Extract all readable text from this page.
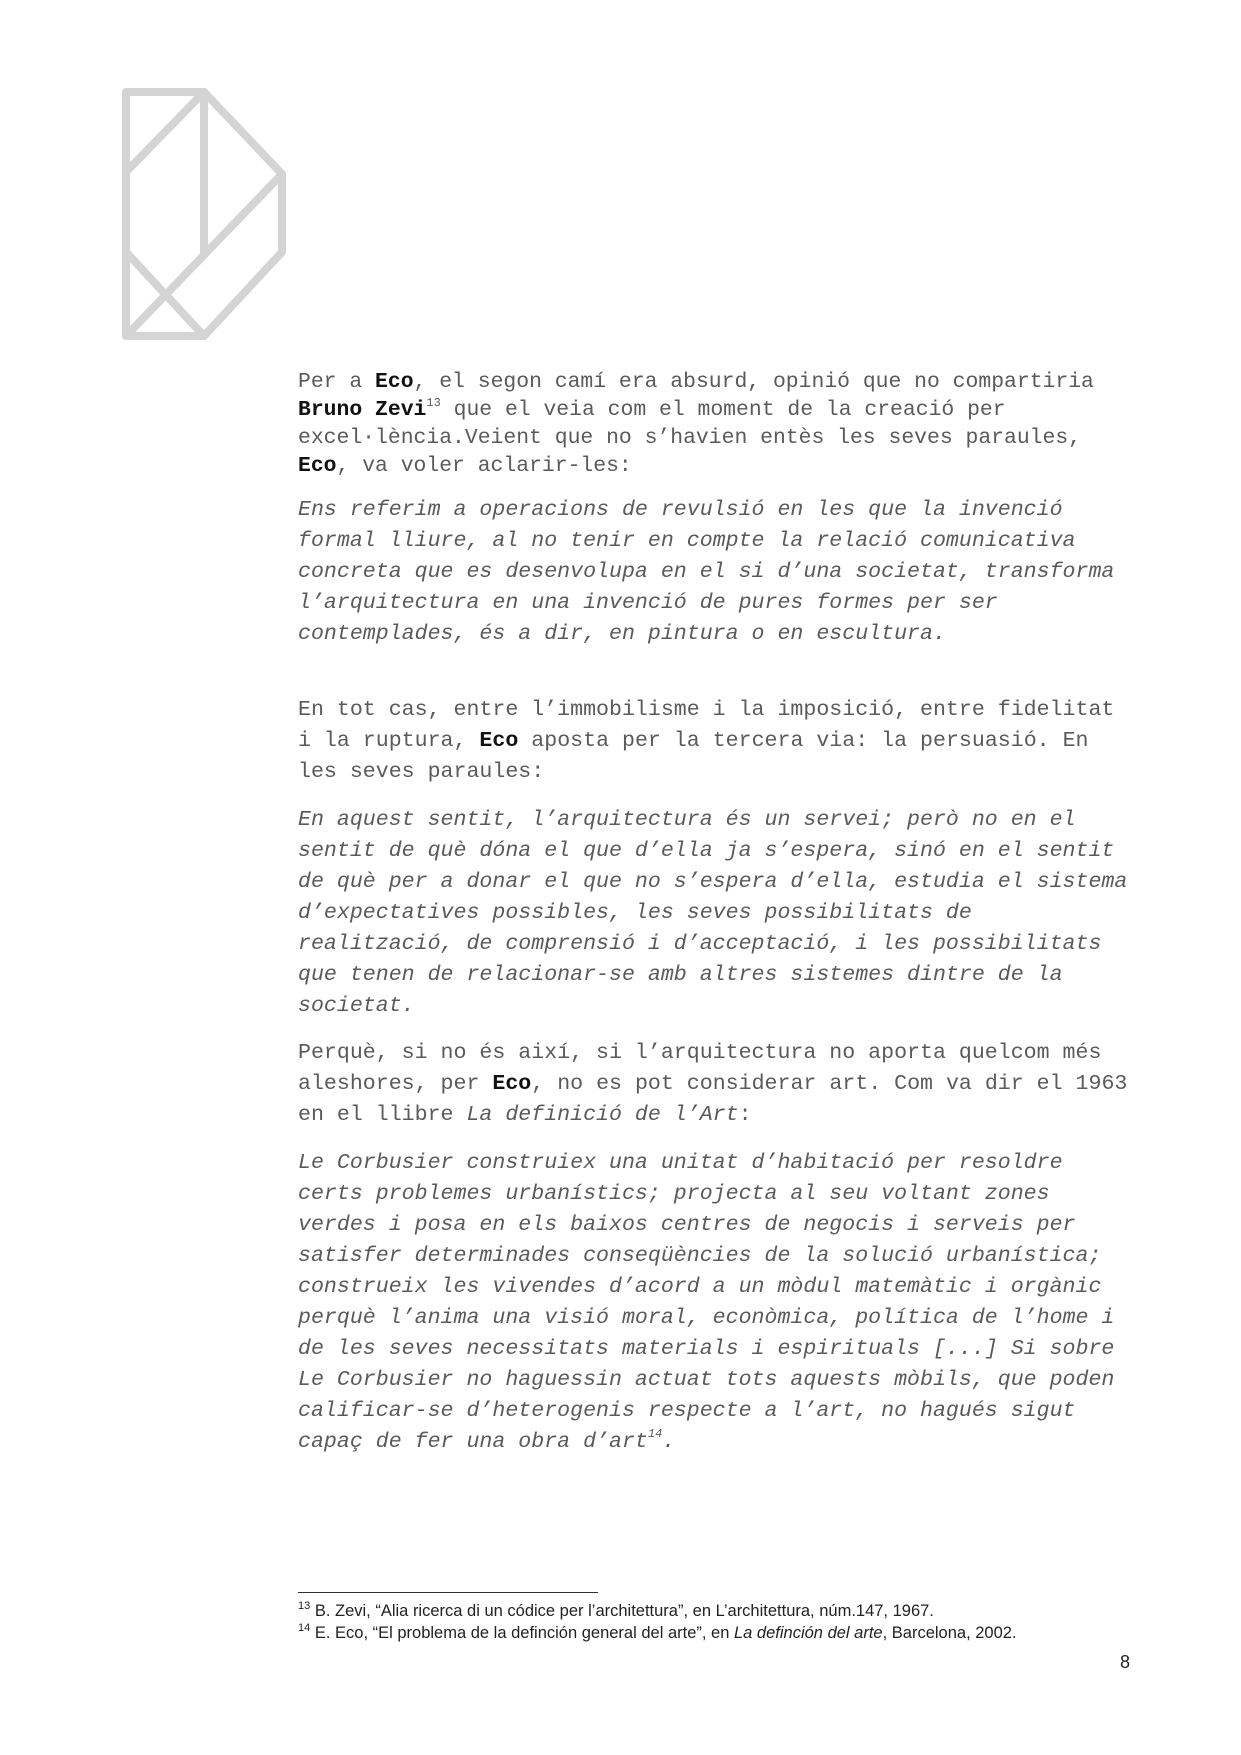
Per a Eco, el segon camí era absurd, opinió que no compartiria Bruno Zevi$^{13}$ que el veia com el moment de la creació per excel·lència.Veient que no s’havien entès les seves paraules, Eco, va voler aclarir-les:

Ens referim a operacions de revulsió en les que la invenció formal lliure, al no tenir en compte la relació comunicativa concreta que es desenvolupa en el si d’una societat, transforma l’arquitectura en una invenció de pures formes per ser contemplades, és a dir, en pintura o en escultura.

En tot cas, entre l’immobilisme i la imposició, entre fidelitat i la ruptura, Eco aposta per la tercera via: la persuasió. En les seves paraules:

En aquest sentit, l’arquitectura és un servei; però no en el sentit de què dóna el que d’ella ja s’espera, sinó en el sentit de què per a donar el que no s’espera d’ella, estudia el sistema d’expectatives possibles, les seves possibilitats de realització, de comprensió i d’acceptació, i les possibilitats que tenen de relacionar-se amb altres sistemes dintre de la societat.

Perquè, si no és així, si l’arquitectura no aporta quelcom més aleshores, per Eco, no es pot considerar art. Com va dir el 1963 en el llibre La definició de l’Art:

Le Corbusier construiex una unitat d’habitació per resoldre certs problemes urbanístics; projecta al seu voltant zones verdes i posa en els baixos centres de negocis i serveis per satisfer determinades conseqüències de la solució urbanística; construeix les vivendes d’acord a un mòdul matemàtic i orgànic perquè l’anima una visió moral, econòmica, política de l’home i de les seves necessitats materials i espirituals [...] Si sobre Le Corbusier no haguessin actuat tots aquests mòbils, que poden calificar-se d’heterogenis respecte a l’art, no hagués sigut capaç de fer una obra d’art$^{14}$.

$^{13}$ B. Zevi, “Alia ricerca di un códice per l’architettura”, en L’architettura, núm.147, 1967.
$^{14}$ E. Eco, “El problema de la definción general del arte”, en La definción del arte, Barcelona, 2002.
8
